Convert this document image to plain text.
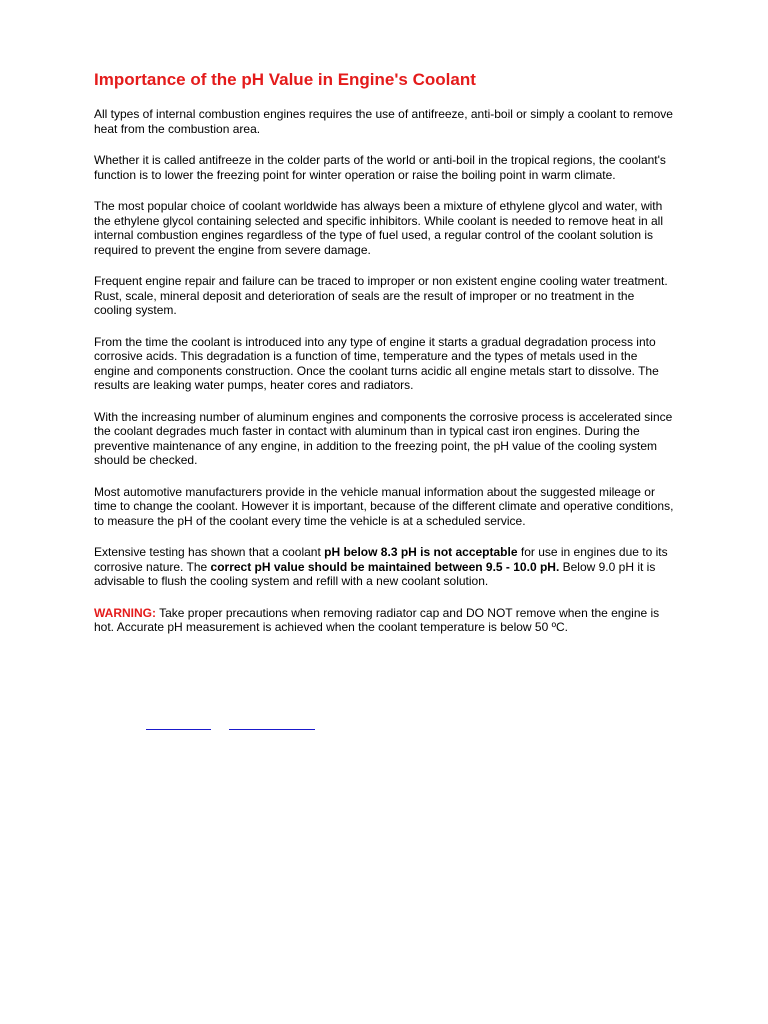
Importance of the pH Value in Engine's Coolant

All types of internal combustion engines requires the use of antifreeze, anti-boil or simply a coolant to remove heat from the combustion area.

Whether it is called antifreeze in the colder parts of the world or anti-boil in the tropical regions, the coolant's function is to lower the freezing point for winter operation or raise the boiling point in warm climate.

The most popular choice of coolant worldwide has always been a mixture of ethylene glycol and water, with the ethylene glycol containing selected and specific inhibitors. While coolant is needed to remove heat in all internal combustion engines regardless of the type of fuel used, a regular control of the coolant solution is required to prevent the engine from severe damage.

Frequent engine repair and failure can be traced to improper or non existent engine cooling water treatment. Rust, scale, mineral deposit and deterioration of seals are the result of improper or no treatment in the cooling system.

From the time the coolant is introduced into any type of engine it starts a gradual degradation process into corrosive acids. This degradation is a function of time, temperature and the types of metals used in the engine and components construction. Once the coolant turns acidic all engine metals start to dissolve. The results are leaking water pumps, heater cores and radiators.

With the increasing number of aluminum engines and components the corrosive process is accelerated since the coolant degrades much faster in contact with aluminum than in typical cast iron engines. During the preventive maintenance of any engine, in addition to the freezing point, the pH value of the cooling system should be checked.

Most automotive manufacturers provide in the vehicle manual information about the suggested mileage or time to change the coolant. However it is important, because of the different climate and operative conditions, to measure the pH of the coolant every time the vehicle is at a scheduled service.

Extensive testing has shown that a coolant pH below 8.3 pH is not acceptable for use in engines due to its corrosive nature. The correct pH value should be maintained between 9.5 - 10.0 pH. Below 9.0 pH it is advisable to flush the cooling system and refill with a new coolant solution.

WARNING: Take proper precautions when removing radiator cap and DO NOT remove when the engine is hot. Accurate pH measurement is achieved when the coolant temperature is below 50 ºC.
